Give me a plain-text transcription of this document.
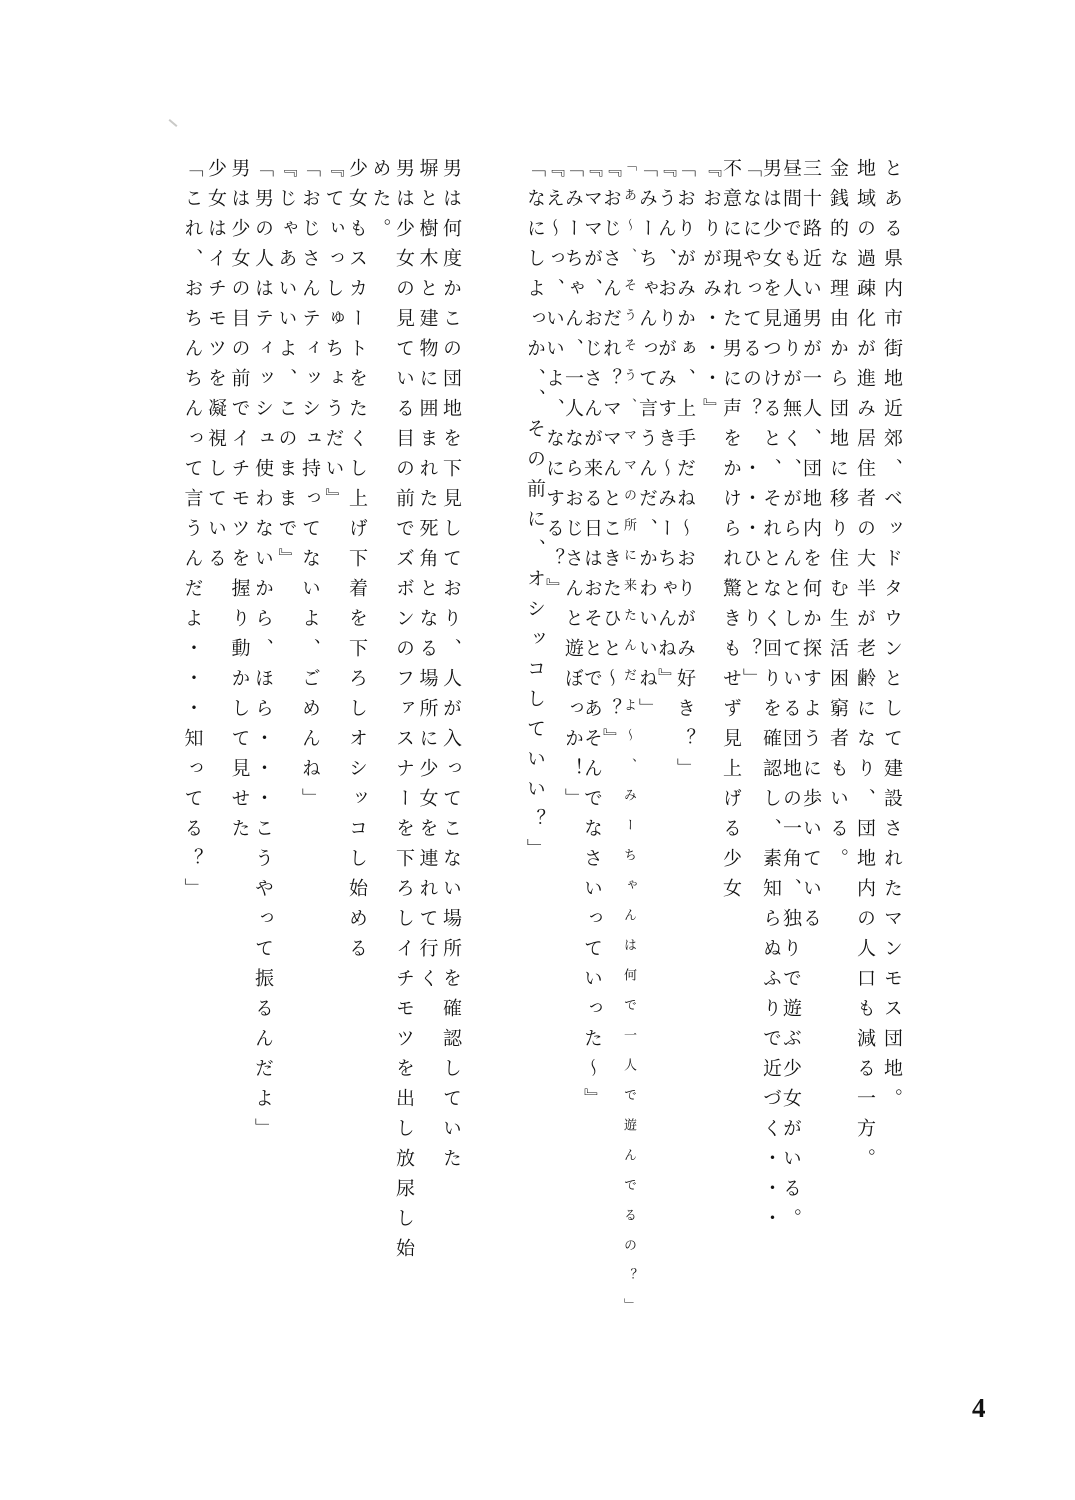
とある県内市街地近郊、ベッドタウンとして建設されたマンモス団地。
地域の過疎化が進み居住者の大半が老齢になり、団地内の人口も減る一方。
金銭的な理由から団地に移り住む生活困窮者もいる。
三十路近い男が一人、団地内を何か探すように歩いている
昼間でも人通りが無く、がらんとしている団地の一角、独りで遊ぶ少女がいる。
男は少女を見つけると、それとなく回りを確認し、素知らぬふりで近づく・・・
「なにやってるの？　・・・ひとり？」
不意に現れた男に声をかけられ驚きもせず見上げる少女
『おりがみ・・・』
「おりがみかぁ、上手だね〜おりがみ好き？」
『うん、おりがみすき〜みーちゃんね』
「みーちゃんって言うんだ、かわいいね」
「あ〜、そうそう、ママの所に来たんだよ〜、みーちゃんは何で一人で遊んでるの？」
『おじさんだれ？ママんとこきたひと〜？』
『ママが、おじさんが来る日はおそとであそんでなさいっていった〜』
「みーちゃん、一人ならおじさんと遊ぼっか！」
『え〜っ、いいよ、なにする？』
「なにしよっか、、その前に、オシッコしていい？」
男は何度かこの団地を下見しており、人が入ってこない場所を確認していた
塀と樹木と建物に囲まれた死角となる場所に少女を連れて行く
男は少女の見ている目の前でズボンのファスナーを下ろしイチモツを出し放尿し始
めた。
少女もスカートをたくし上げ下着を下ろしオシッコし始める
『てぃっしゅちょうだい』
「おじさんティッシュ持ってないよ、ごめんね」
『じゃあいいよ、このままで』
「男の人はティッシュ使わないから、ほら・・・こうやって振るんだよ」
男は少女の目の前でイチモツを握り動かして見せた
少女はイチモツを凝視している
「これ、おちんちんって言うんだよ・・・知ってる？」
4
